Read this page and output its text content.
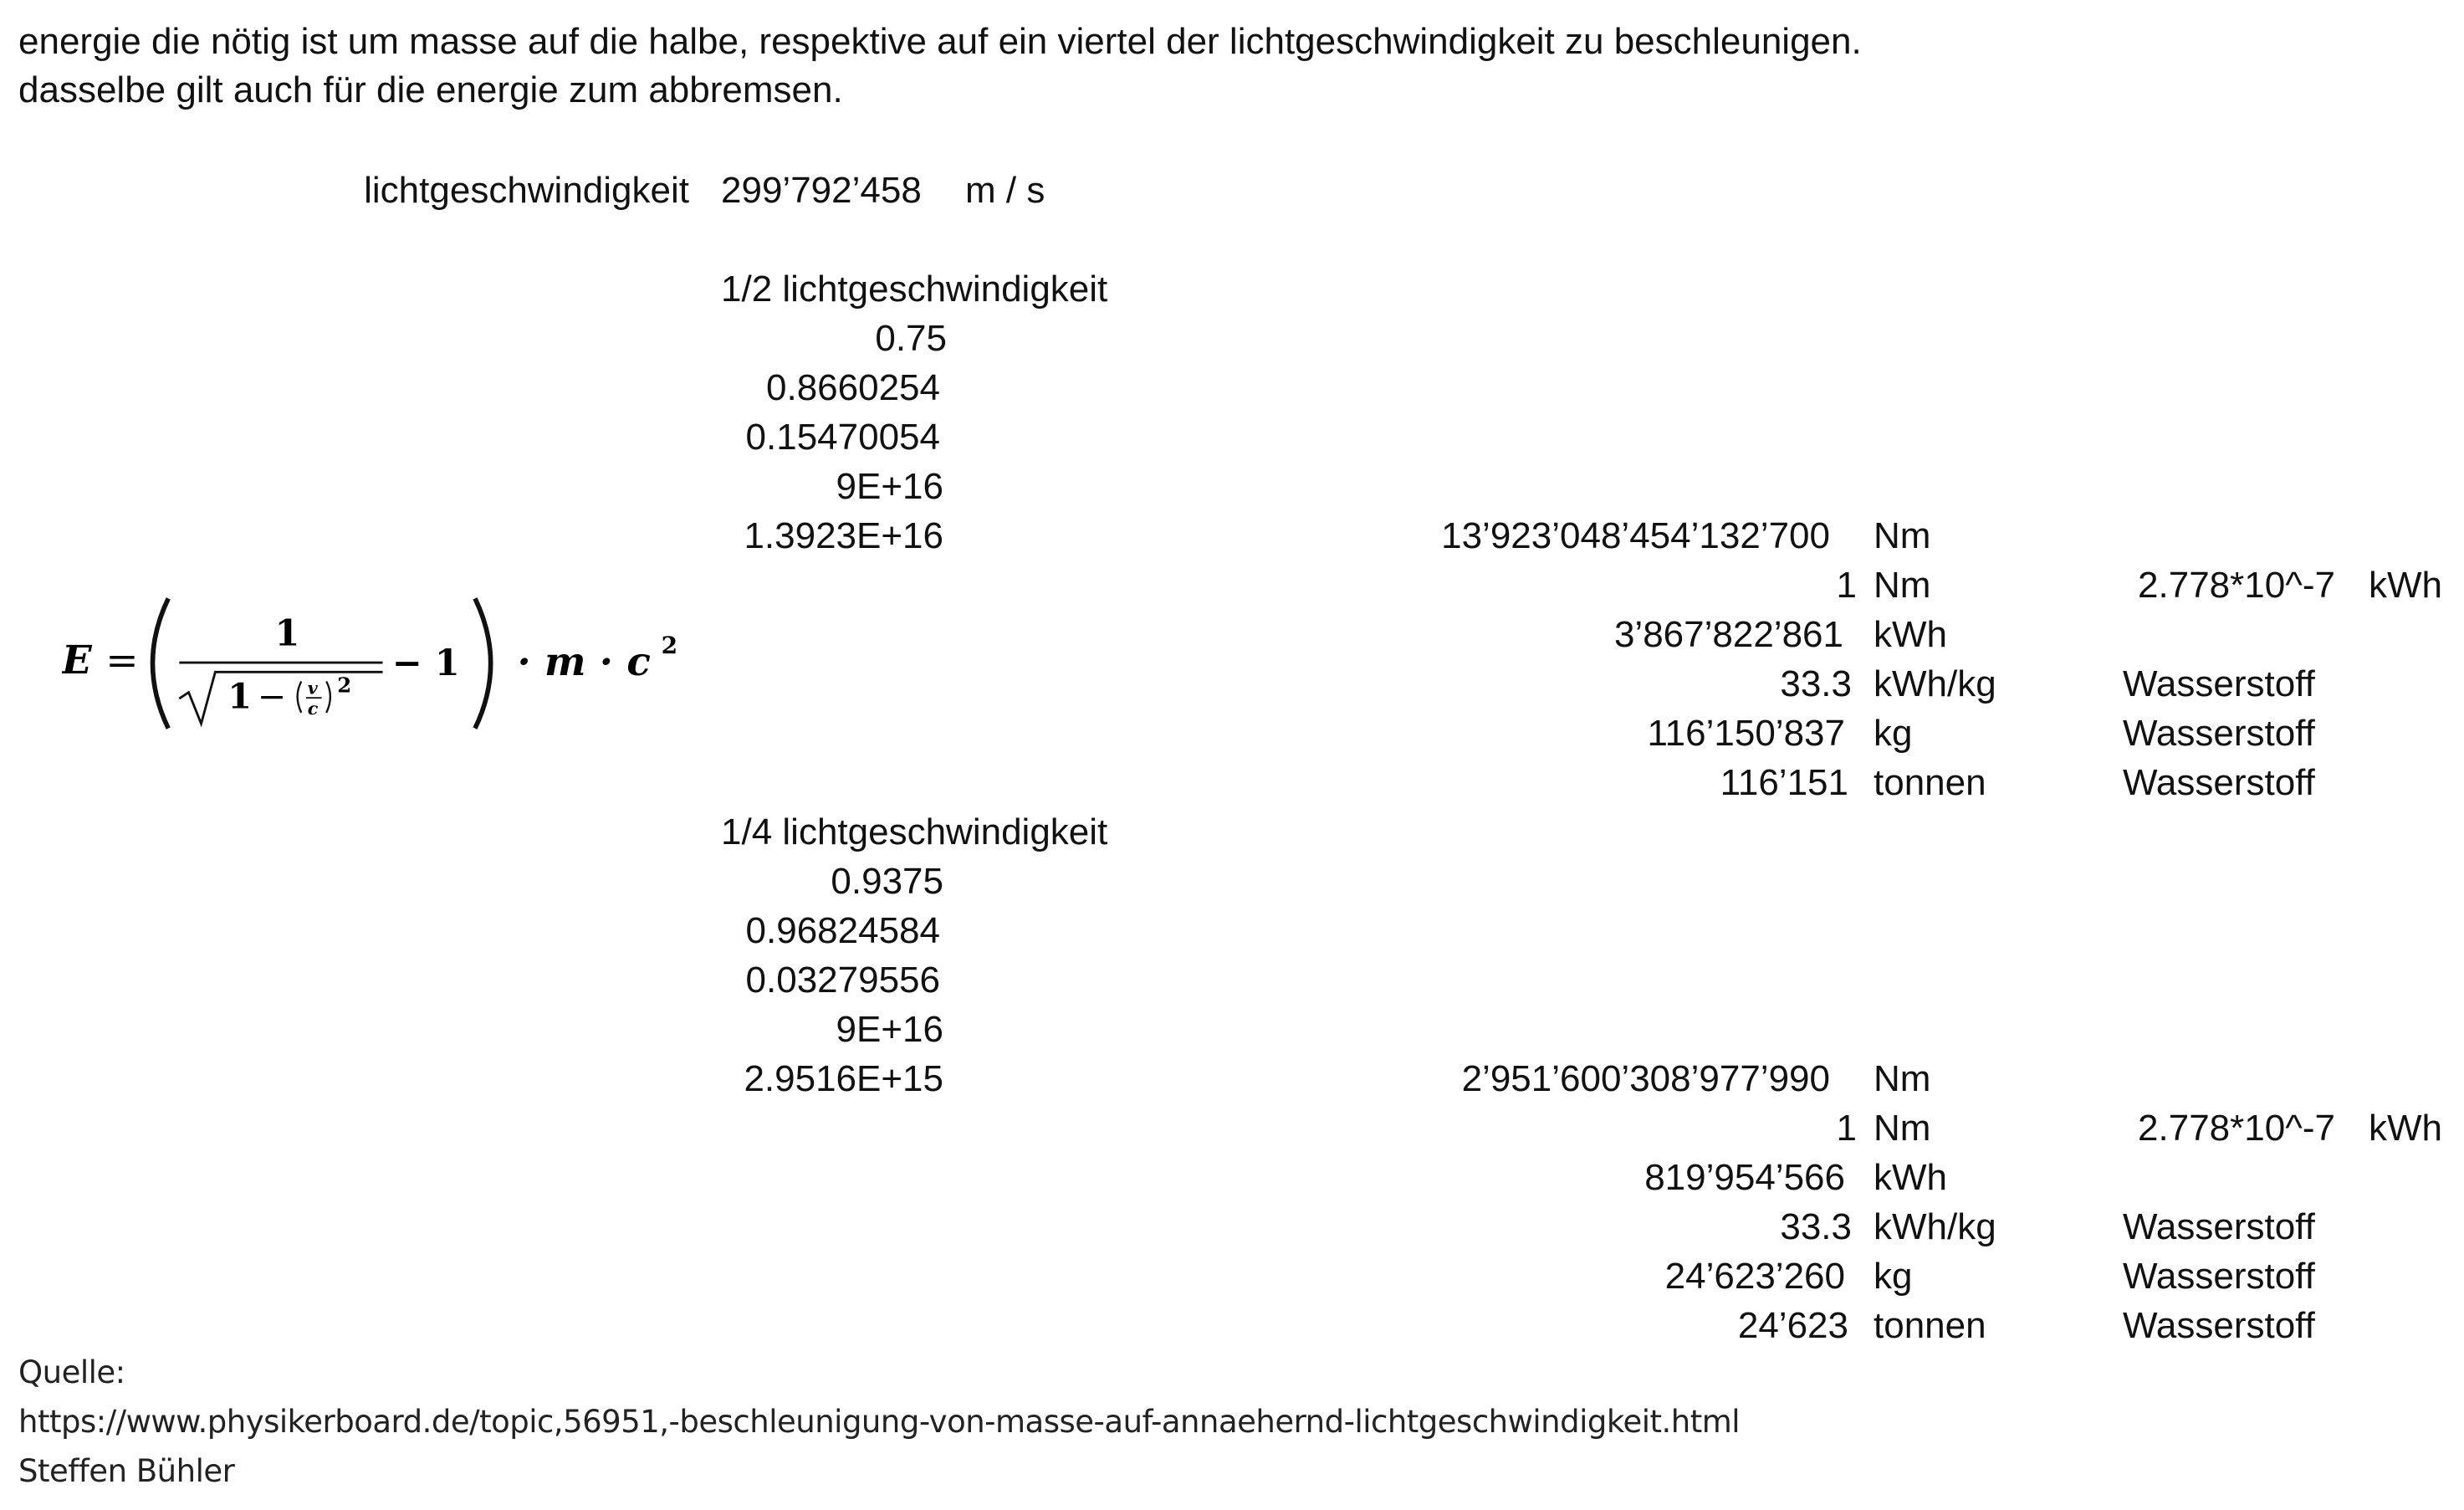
energie die nötig ist um masse auf die halbe, respektive auf ein viertel der lichtgeschwindigkeit zu beschleunigen.
dasselbe gilt auch für die energie zum abbremsen.
lichtgeschwindigkeit 299’792’458 m / s
E =
1
1 − v
c
2
− 1 · m · c 2
1/2 lichtgeschwindigkeit
0.75
0.8660254
0.15470054
9E+16
1.3923E+16	13’923’048’454’132’700 Nm
1 Nm	2.778*10^-7 kWh
3’867’822’861 kWh
33.3 kWh/kg	Wasserstoff
116’150’837 kg	Wasserstoff
116’151 tonnen	Wasserstoff
1/4 lichtgeschwindigkeit
0.9375
0.96824584
0.03279556
9E+16
2.9516E+15	2’951’600’308’977’990 Nm
1 Nm	2.778*10^-7 kWh
819’954’566 kWh
33.3 kWh/kg	Wasserstoff
24’623’260 kg	Wasserstoff
24’623 tonnen	Wasserstoff
Quelle:
https://www.physikerboard.de/topic,56951,-beschleunigung-von-masse-auf-annaehernd-lichtgeschwindigkeit.html
Steffen Bühler
